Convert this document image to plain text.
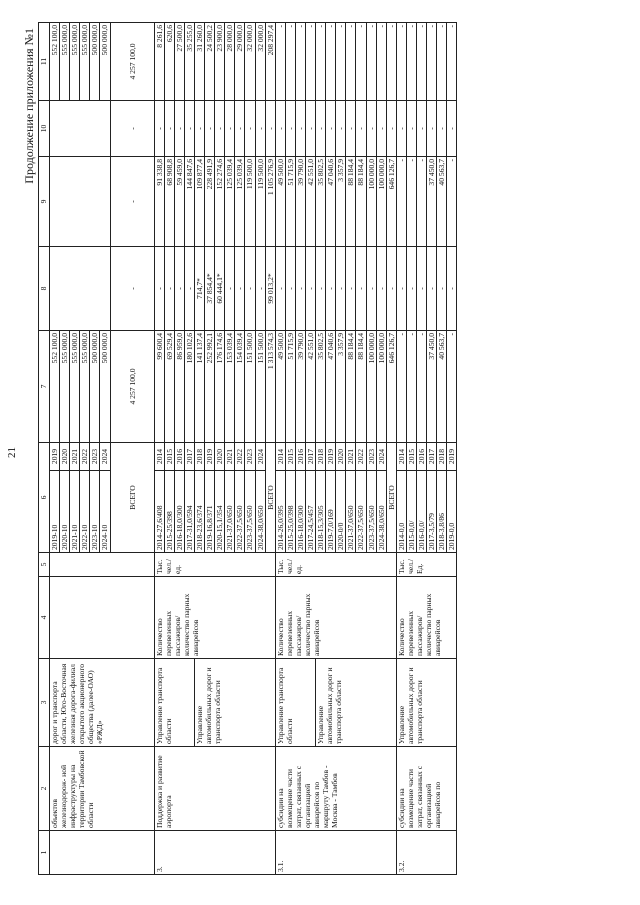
21
Продолжение приложения №1
1	2	3	4	5	6		7	8	9	10	11
	объектов железнодорож- ной инфраструктуры на территории Тамбовской области	дорог и транспорта области, Юго-Восточная железная дорога-филиал открытого акционерного общества (далее-ОАО) «РЖД»			2019-10	2019	552 100,0				552 100,0
					2020-10	2020	555 000,0				555 000,0
					2021-10	2021	555 000,0				555 000,0
					2022-10	2022	555 000,0				555 000,0
					2023-10	2023	500 000,0				500 000,0
					2024-10	2024	500 000,0				500 000,0
					ВСЕГО		4 257 100,0	-	-	-	4 257 100,0
3.	Поддержка и развитие аэропорта	Управление транспорта области	Количество перевезенных пассажиров/ количество парных авиарейсов	Тыс. чел./ ед.	2014-27,6/408	2014	99 600,4	-	91 338,8	-	8 261,6
					2015-25/398	2015	69 529,4	-	68 908,8	-	620,6
					2016-18,0/300	2016	86 959,0	-	59 459,0	-	27 500,0
					2017-31,0/594	2017	180 102,6	-	144 847,6	-	35 255,0
		Управление автомобильных дорог и транспорта области			2018-23,6/374	2018	141 137,4	714,7*	109 877,4	-	31 260,0
					2019-16,8/371	2019	252 992,1	37 854,4*	228 491,9	-	24 500,2
					2020-15,1/354	2020	176 174,6	60 444,1*	152 274,6	-	23 900,0
					2021-37,0/650	2021	153 039,4	-	125 039,4	-	28 000,0
					2022-37,5/650	2022	154 039,4	-	125 039,4	-	29 000,0
					2023-37,5/650	2023	151 500,0	-	119 500,0	-	32 000,0
					2024-38,0/650	2024	151 500,0	-	119 500,0	-	32 000,0
					ВСЕГО		1 313 574,3	99 013,2*	1 105 276,9	-	208 297,4
3.1.	субсидии на возмещение части затрат, связанных с организацией авиарейсов по маршруту Тамбов - Москва - Тамбов	Управление транспорта области	Количество перевезенных пассажиров/ количество парных авиарейсов	Тыс. чел./ ед.	2014-26,0/395	2014	49 500,0	-	49 500,0	-	-
					2015-25,0/398	2015	51 715,9	-	51 715,9	-	-
					2016-18,0/300	2016	39 790,0	-	39 790,0	-	-
					2017-24,5/457	2017	42 551,0	-	42 551,0	-	-
		Управление автомобильных дорог и транспорта области			2018-15,3/305	2018	35 802,5	-	35 802,5	-	-
					2019-7,0/169	2019	47 040,6	-	47 040,6	-	-
					2020-0/0	2020	3 357,9	-	3 357,9	-	-
					2021-37,0/650	2021	88 184,4	-	88 184,4	-	-
					2022-37,5/650	2022	88 184,4	-	88 184,4	-	-
					2023-37,5/650	2023	100 000,0	-	100 000,0	-	-
					2024-38,0/650	2024	100 000,0	-	100 000,0	-	-
					ВСЕГО		646 126,7	-	646 126,7	-	-
3.2.	субсидии на возмещение части затрат, связанных с организацией авиарейсов по	Управление автомобильных дорог и транспорта области	Количество перевезенных пассажиров/ количество парных авиарейсов	Тыс. чел./ Ед.	2014-0,0	2014	-	-	-	-	-
					2015-0,0/	2015	-	-	-	-	-
					2016-0,0/	2016	-	-	-	-	-
					2017-3,5/79	2017	37 450,0	-	37 450,0	-	-
					2018-3,8/86	2018	40 563,7	-	40 563,7	-	-
					2019-0,0	2019	-	-	-	-	-
